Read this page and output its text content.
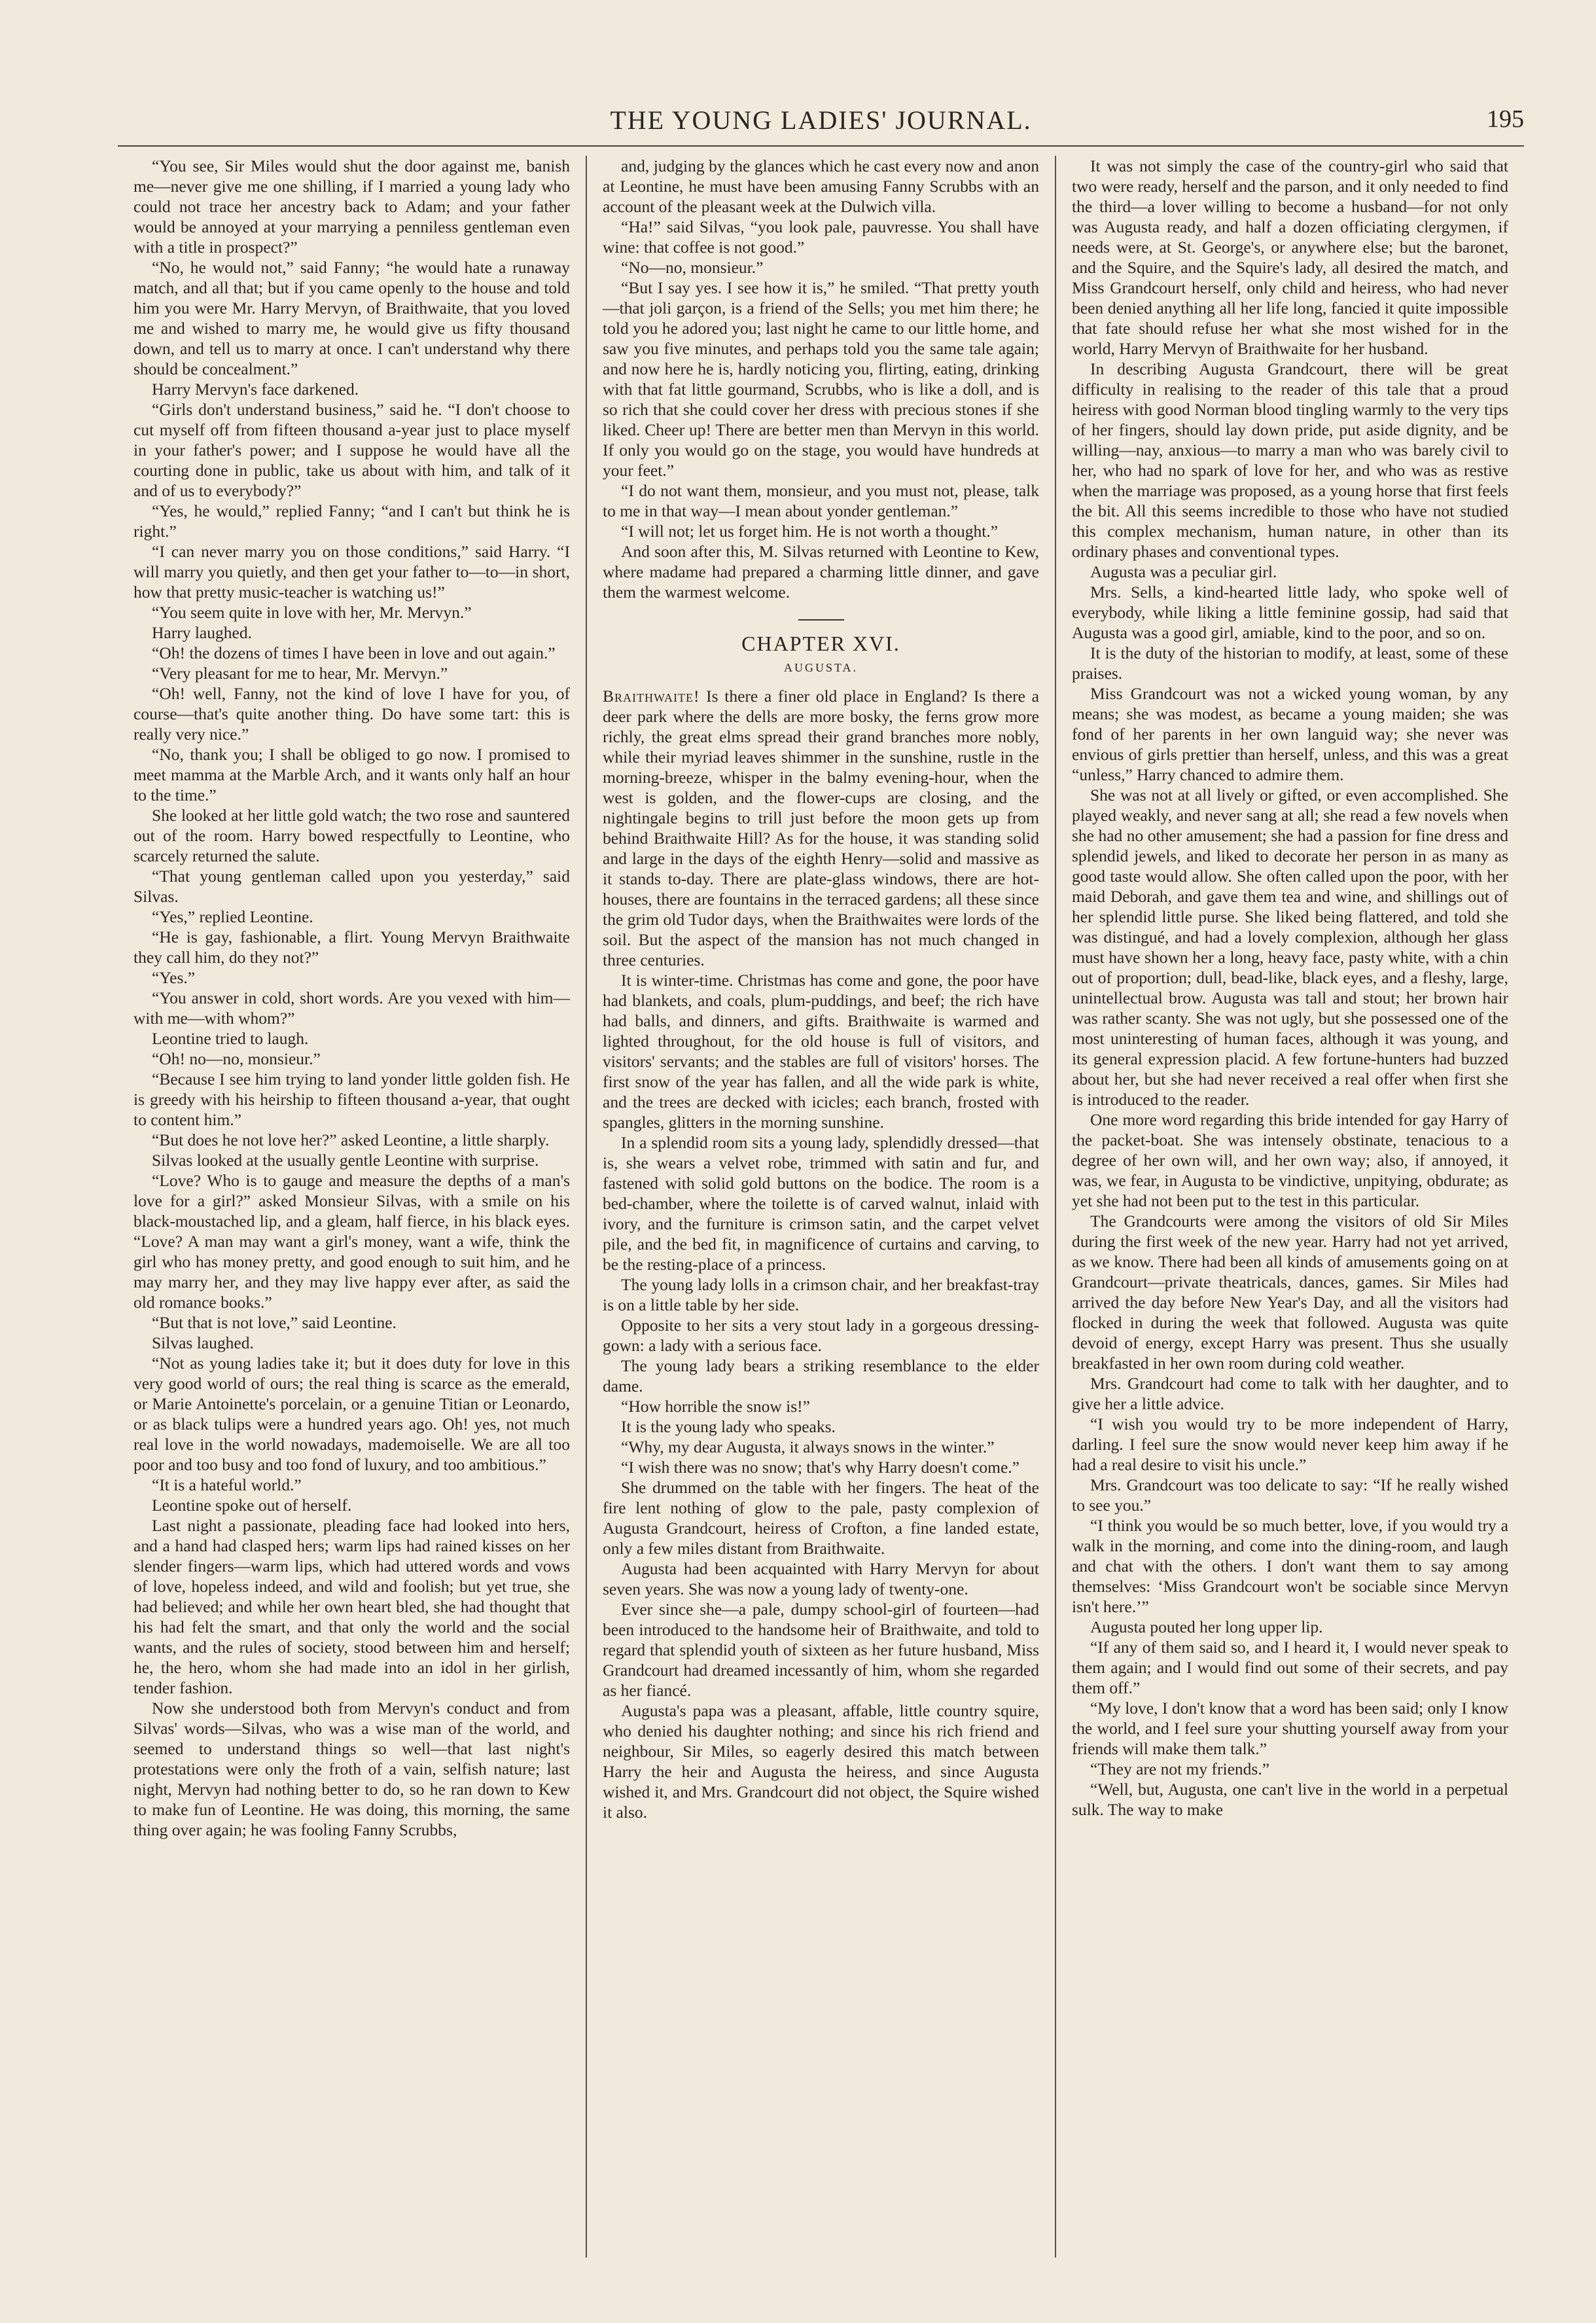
THE YOUNG LADIES' JOURNAL.	195

“You see, Sir Miles would shut the door against me, banish me—never give me one shilling, if I married a young lady who could not trace her ancestry back to Adam; and your father would be annoyed at your marrying a penniless gentleman even with a title in prospect?”

“No, he would not,” said Fanny; “he would hate a runaway match, and all that; but if you came openly to the house and told him you were Mr. Harry Mervyn, of Braithwaite, that you loved me and wished to marry me, he would give us fifty thousand down, and tell us to marry at once. I can't understand why there should be concealment.”

Harry Mervyn's face darkened.

“Girls don't understand business,” said he. “I don't choose to cut myself off from fifteen thousand a-year just to place myself in your father's power; and I suppose he would have all the courting done in public, take us about with him, and talk of it and of us to everybody?”

“Yes, he would,” replied Fanny; “and I can't but think he is right.”

“I can never marry you on those conditions,” said Harry. “I will marry you quietly, and then get your father to—to—in short, how that pretty music-teacher is watching us!”

“You seem quite in love with her, Mr. Mervyn.”

Harry laughed.

“Oh! the dozens of times I have been in love and out again.”

“Very pleasant for me to hear, Mr. Mervyn.”

“Oh! well, Fanny, not the kind of love I have for you, of course—that's quite another thing. Do have some tart: this is really very nice.”

“No, thank you; I shall be obliged to go now. I promised to meet mamma at the Marble Arch, and it wants only half an hour to the time.”

She looked at her little gold watch; the two rose and sauntered out of the room. Harry bowed respectfully to Leontine, who scarcely returned the salute.

“That young gentleman called upon you yesterday,” said Silvas.

“Yes,” replied Leontine.

“He is gay, fashionable, a flirt. Young Mervyn Braithwaite they call him, do they not?”

“Yes.”

“You answer in cold, short words. Are you vexed with him—with me—with whom?”

Leontine tried to laugh.

“Oh! no—no, monsieur.”

“Because I see him trying to land yonder little golden fish. He is greedy with his heirship to fifteen thousand a-year, that ought to content him.”

“But does he not love her?” asked Leontine, a little sharply.

Silvas looked at the usually gentle Leontine with surprise.

“Love? Who is to gauge and measure the depths of a man's love for a girl?” asked Monsieur Silvas, with a smile on his black-moustached lip, and a gleam, half fierce, in his black eyes. “Love? A man may want a girl's money, want a wife, think the girl who has money pretty, and good enough to suit him, and he may marry her, and they may live happy ever after, as said the old romance books.”

“But that is not love,” said Leontine.

Silvas laughed.

“Not as young ladies take it; but it does duty for love in this very good world of ours; the real thing is scarce as the emerald, or Marie Antoinette's porcelain, or a genuine Titian or Leonardo, or as black tulips were a hundred years ago. Oh! yes, not much real love in the world nowadays, mademoiselle. We are all too poor and too busy and too fond of luxury, and too ambitious.”

“It is a hateful world.”

Leontine spoke out of herself.

Last night a passionate, pleading face had looked into hers, and a hand had clasped hers; warm lips had rained kisses on her slender fingers—warm lips, which had uttered words and vows of love, hopeless indeed, and wild and foolish; but yet true, she had believed; and while her own heart bled, she had thought that his had felt the smart, and that only the world and the social wants, and the rules of society, stood between him and herself; he, the hero, whom she had made into an idol in her girlish, tender fashion.

Now she understood both from Mervyn's conduct and from Silvas' words—Silvas, who was a wise man of the world, and seemed to understand things so well—that last night's protestations were only the froth of a vain, selfish nature; last night, Mervyn had nothing better to do, so he ran down to Kew to make fun of Leontine. He was doing, this morning, the same thing over again; he was fooling Fanny Scrubbs,

and, judging by the glances which he cast every now and anon at Leontine, he must have been amusing Fanny Scrubbs with an account of the pleasant week at the Dulwich villa.

“Ha!” said Silvas, “you look pale, pauvresse. You shall have wine: that coffee is not good.”

“No—no, monsieur.”

“But I say yes. I see how it is,” he smiled. “That pretty youth—that joli garçon, is a friend of the Sells; you met him there; he told you he adored you; last night he came to our little home, and saw you five minutes, and perhaps told you the same tale again; and now here he is, hardly noticing you, flirting, eating, drinking with that fat little gourmand, Scrubbs, who is like a doll, and is so rich that she could cover her dress with precious stones if she liked. Cheer up! There are better men than Mervyn in this world. If only you would go on the stage, you would have hundreds at your feet.”

“I do not want them, monsieur, and you must not, please, talk to me in that way—I mean about yonder gentleman.”

“I will not; let us forget him. He is not worth a thought.”

And soon after this, M. Silvas returned with Leontine to Kew, where madame had prepared a charming little dinner, and gave them the warmest welcome.

CHAPTER XVI.
AUGUSTA.

Braithwaite! Is there a finer old place in England? Is there a deer park where the dells are more bosky, the ferns grow more richly, the great elms spread their grand branches more nobly, while their myriad leaves shimmer in the sunshine, rustle in the morning-breeze, whisper in the balmy evening-hour, when the west is golden, and the flower-cups are closing, and the nightingale begins to trill just before the moon gets up from behind Braithwaite Hill? As for the house, it was standing solid and large in the days of the eighth Henry—solid and massive as it stands to-day. There are plate-glass windows, there are hot-houses, there are fountains in the terraced gardens; all these since the grim old Tudor days, when the Braithwaites were lords of the soil. But the aspect of the mansion has not much changed in three centuries.

It is winter-time. Christmas has come and gone, the poor have had blankets, and coals, plum-puddings, and beef; the rich have had balls, and dinners, and gifts. Braithwaite is warmed and lighted throughout, for the old house is full of visitors, and visitors' servants; and the stables are full of visitors' horses. The first snow of the year has fallen, and all the wide park is white, and the trees are decked with icicles; each branch, frosted with spangles, glitters in the morning sunshine.

In a splendid room sits a young lady, splendidly dressed—that is, she wears a velvet robe, trimmed with satin and fur, and fastened with solid gold buttons on the bodice. The room is a bed-chamber, where the toilette is of carved walnut, inlaid with ivory, and the furniture is crimson satin, and the carpet velvet pile, and the bed fit, in magnificence of curtains and carving, to be the resting-place of a princess.

The young lady lolls in a crimson chair, and her breakfast-tray is on a little table by her side.

Opposite to her sits a very stout lady in a gorgeous dressing-gown: a lady with a serious face.

The young lady bears a striking resemblance to the elder dame.

“How horrible the snow is!”

It is the young lady who speaks.

“Why, my dear Augusta, it always snows in the winter.”

“I wish there was no snow; that's why Harry doesn't come.”

She drummed on the table with her fingers. The heat of the fire lent nothing of glow to the pale, pasty complexion of Augusta Grandcourt, heiress of Crofton, a fine landed estate, only a few miles distant from Braithwaite.

Augusta had been acquainted with Harry Mervyn for about seven years. She was now a young lady of twenty-one.

Ever since she—a pale, dumpy school-girl of fourteen—had been introduced to the handsome heir of Braithwaite, and told to regard that splendid youth of sixteen as her future husband, Miss Grandcourt had dreamed incessantly of him, whom she regarded as her fiancé.

Augusta's papa was a pleasant, affable, little country squire, who denied his daughter nothing; and since his rich friend and neighbour, Sir Miles, so eagerly desired this match between Harry the heir and Augusta the heiress, and since Augusta wished it, and Mrs. Grandcourt did not object, the Squire wished it also.

It was not simply the case of the country-girl who said that two were ready, herself and the parson, and it only needed to find the third—a lover willing to become a husband—for not only was Augusta ready, and half a dozen officiating clergymen, if needs were, at St. George's, or anywhere else; but the baronet, and the Squire, and the Squire's lady, all desired the match, and Miss Grandcourt herself, only child and heiress, who had never been denied anything all her life long, fancied it quite impossible that fate should refuse her what she most wished for in the world, Harry Mervyn of Braithwaite for her husband.

In describing Augusta Grandcourt, there will be great difficulty in realising to the reader of this tale that a proud heiress with good Norman blood tingling warmly to the very tips of her fingers, should lay down pride, put aside dignity, and be willing—nay, anxious—to marry a man who was barely civil to her, who had no spark of love for her, and who was as restive when the marriage was proposed, as a young horse that first feels the bit. All this seems incredible to those who have not studied this complex mechanism, human nature, in other than its ordinary phases and conventional types.

Augusta was a peculiar girl.

Mrs. Sells, a kind-hearted little lady, who spoke well of everybody, while liking a little feminine gossip, had said that Augusta was a good girl, amiable, kind to the poor, and so on.

It is the duty of the historian to modify, at least, some of these praises.

Miss Grandcourt was not a wicked young woman, by any means; she was modest, as became a young maiden; she was fond of her parents in her own languid way; she never was envious of girls prettier than herself, unless, and this was a great “unless,” Harry chanced to admire them.

She was not at all lively or gifted, or even accomplished. She played weakly, and never sang at all; she read a few novels when she had no other amusement; she had a passion for fine dress and splendid jewels, and liked to decorate her person in as many as good taste would allow. She often called upon the poor, with her maid Deborah, and gave them tea and wine, and shillings out of her splendid little purse. She liked being flattered, and told she was distingué, and had a lovely complexion, although her glass must have shown her a long, heavy face, pasty white, with a chin out of proportion; dull, bead-like, black eyes, and a fleshy, large, unintellectual brow. Augusta was tall and stout; her brown hair was rather scanty. She was not ugly, but she possessed one of the most uninteresting of human faces, although it was young, and its general expression placid. A few fortune-hunters had buzzed about her, but she had never received a real offer when first she is introduced to the reader.

One more word regarding this bride intended for gay Harry of the packet-boat. She was intensely obstinate, tenacious to a degree of her own will, and her own way; also, if annoyed, it was, we fear, in Augusta to be vindictive, unpitying, obdurate; as yet she had not been put to the test in this particular.

The Grandcourts were among the visitors of old Sir Miles during the first week of the new year. Harry had not yet arrived, as we know. There had been all kinds of amusements going on at Grandcourt—private theatricals, dances, games. Sir Miles had arrived the day before New Year's Day, and all the visitors had flocked in during the week that followed. Augusta was quite devoid of energy, except Harry was present. Thus she usually breakfasted in her own room during cold weather.

Mrs. Grandcourt had come to talk with her daughter, and to give her a little advice.

“I wish you would try to be more independent of Harry, darling. I feel sure the snow would never keep him away if he had a real desire to visit his uncle.”

Mrs. Grandcourt was too delicate to say: “If he really wished to see you.”

“I think you would be so much better, love, if you would try a walk in the morning, and come into the dining-room, and laugh and chat with the others. I don't want them to say among themselves: ‘Miss Grandcourt won't be sociable since Mervyn isn't here.’”

Augusta pouted her long upper lip.

“If any of them said so, and I heard it, I would never speak to them again; and I would find out some of their secrets, and pay them off.”

“My love, I don't know that a word has been said; only I know the world, and I feel sure your shutting yourself away from your friends will make them talk.”

“They are not my friends.”

“Well, but, Augusta, one can't live in the world in a perpetual sulk. The way to make
